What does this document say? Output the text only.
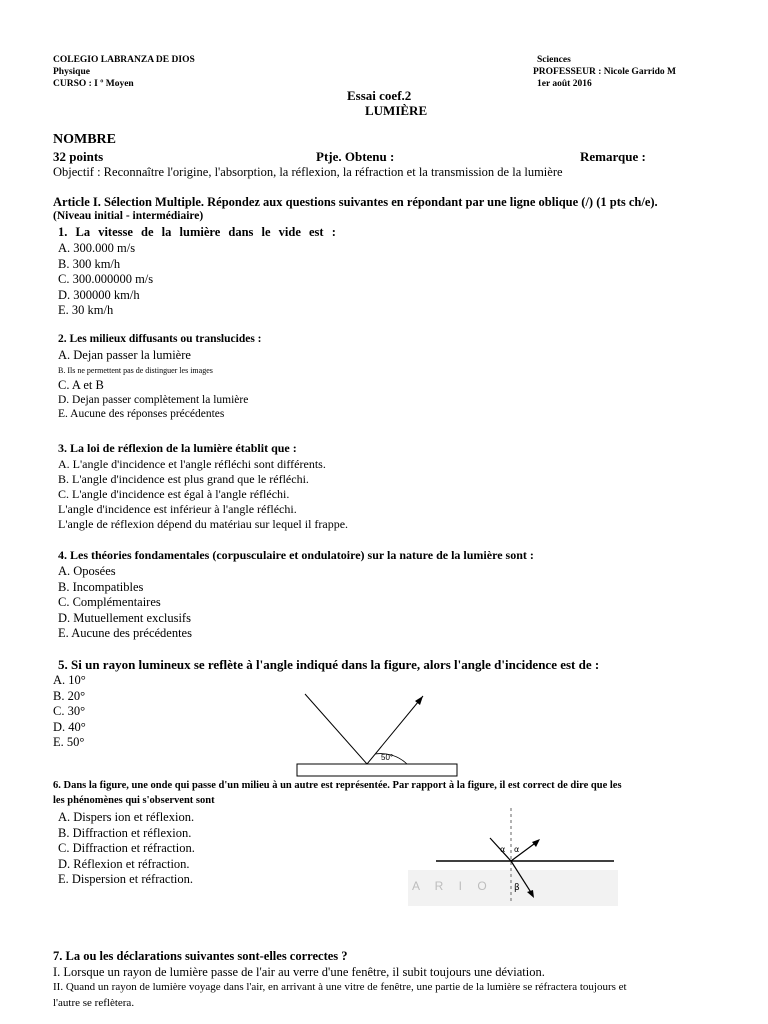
COLEGIO LABRANZA DE DIOS
Physique
CURSO : I º Moyen
Sciences
PROFESSEUR : Nicole Garrido M
1er août 2016
Essai coef.2
LUMIÈRE
NOMBRE
32 points	Ptje. Obtenu :	Remarque :
Objectif : Reconnaître l'origine, l'absorption, la réflexion, la réfraction et la transmission de la lumière
Article I. Sélection Multiple. Répondez aux questions suivantes en répondant par une ligne oblique (/) (1 pts ch/e).
(Niveau initial - intermédiaire)
1. La vitesse de la lumière dans le vide est :
A. 300.000 m/s
B. 300 km/h
C. 300.000000 m/s
D. 300000 km/h
E. 30 km/h
2. Les milieux diffusants ou translucides :
A. Dejan passer la lumière
B. Ils ne permettent pas de distinguer les images
C. A et B
D. Dejan passer complètement la lumière
E. Aucune des réponses précédentes
3. La loi de réflexion de la lumière établit que :
A. L'angle d'incidence et l'angle réfléchi sont différents.
B. L'angle d'incidence est plus grand que le réfléchi.
C. L'angle d'incidence est égal à l'angle réfléchi.
L'angle d'incidence est inférieur à l'angle réfléchi.
L'angle de réflexion dépend du matériau sur lequel il frappe.
4. Les théories fondamentales (corpusculaire et ondulatoire) sur la nature de la lumière sont :
A. Oposées
B. Incompatibles
C. Complémentaires
D. Mutuellement exclusifs
E. Aucune des précédentes
5. Si un rayon lumineux se reflète à l'angle indiqué dans la figure, alors l'angle d'incidence est de :
A. 10°
B. 20°
C. 30°
D. 40°
E. 50°
50°
6. Dans la figure, une onde qui passe d'un milieu à un autre est représentée. Par rapport à la figure, il est correct de dire que les
les phénomènes qui s'observent sont
A. Dispers ion et réflexion.
B. Diffraction et réflexion.
C. Diffraction et réfraction.
D. Réflexion et réfraction.
E. Dispersion et réfraction.	A R I O
α α
β
7. La ou les déclarations suivantes sont-elles correctes ?
I. Lorsque un rayon de lumière passe de l'air au verre d'une fenêtre, il subit toujours une déviation.
II. Quand un rayon de lumière voyage dans l'air, en arrivant à une vitre de fenêtre, une partie de la lumière se réfractera toujours et
l'autre se reflètera.
